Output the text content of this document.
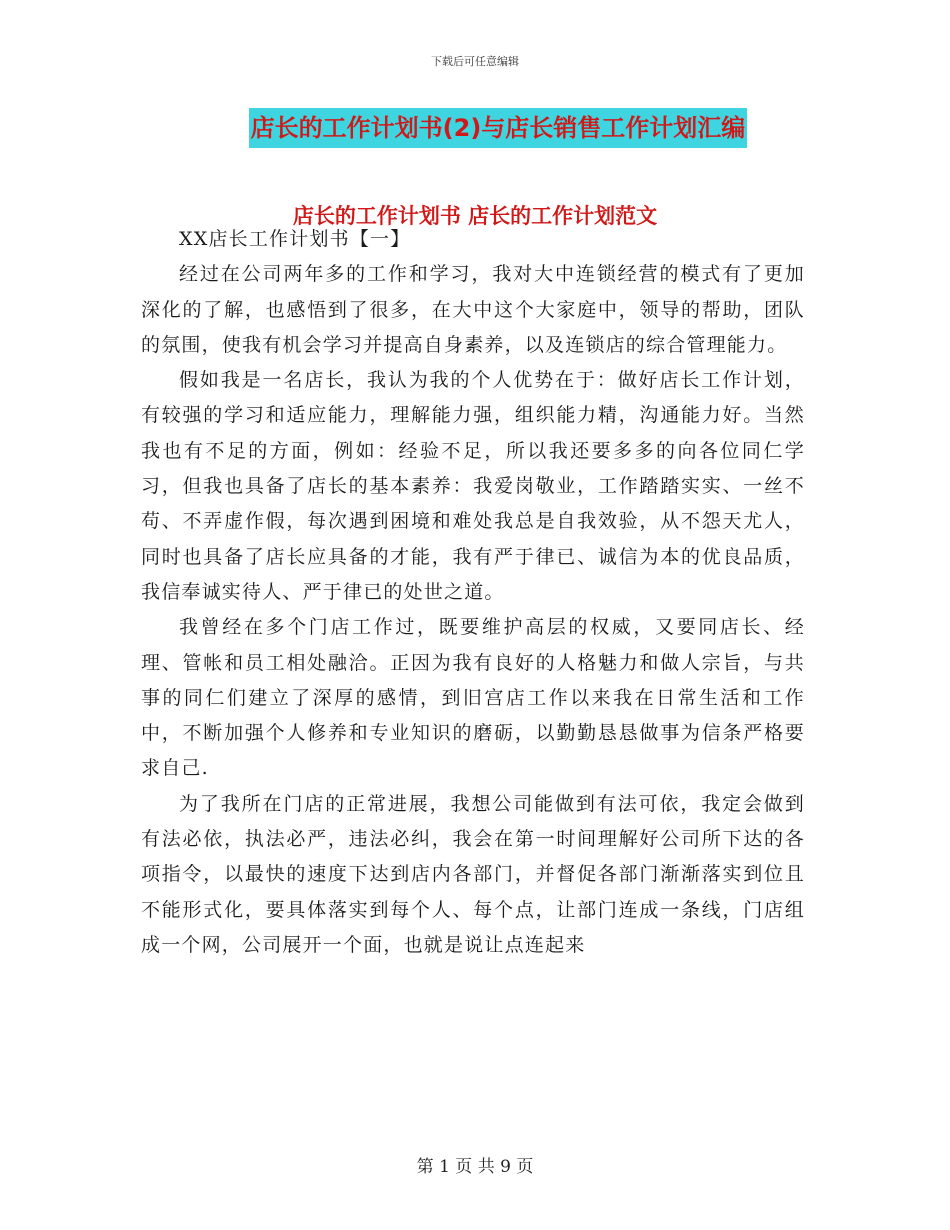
下载后可任意编辑
店长的工作计划书(2)与店长销售工作计划汇编
店长的工作计划书 店长的工作计划范文

XX店长工作计划书【一】

经过在公司两年多的工作和学习，我对大中连锁经营的模式有了更加深化的了解，也感悟到了很多，在大中这个大家庭中，领导的帮助，团队的氛围，使我有机会学习并提高自身素养，以及连锁店的综合管理能力。

假如我是一名店长，我认为我的个人优势在于：做好店长工作计划，有较强的学习和适应能力，理解能力强，组织能力精，沟通能力好。当然我也有不足的方面，例如：经验不足，所以我还要多多的向各位同仁学习，但我也具备了店长的基本素养：我爱岗敬业，工作踏踏实实、一丝不苟、不弄虚作假，每次遇到困境和难处我总是自我效验，从不怨天尤人，同时也具备了店长应具备的才能，我有严于律已、诚信为本的优良品质，我信奉诚实待人、严于律已的处世之道。

我曾经在多个门店工作过，既要维护高层的权威，又要同店长、经理、管帐和员工相处融洽。正因为我有良好的人格魅力和做人宗旨，与共事的同仁们建立了深厚的感情，到旧宫店工作以来我在日常生活和工作中，不断加强个人修养和专业知识的磨砺，以勤勤恳恳做事为信条严格要求自己.

为了我所在门店的正常进展，我想公司能做到有法可依，我定会做到有法必依，执法必严，违法必纠，我会在第一时间理解好公司所下达的各项指令，以最快的速度下达到店内各部门，并督促各部门渐渐落实到位且不能形式化，要具体落实到每个人、每个点，让部门连成一条线，门店组成一个网，公司展开一个面，也就是说让点连起来

第 1 页 共 9 页
